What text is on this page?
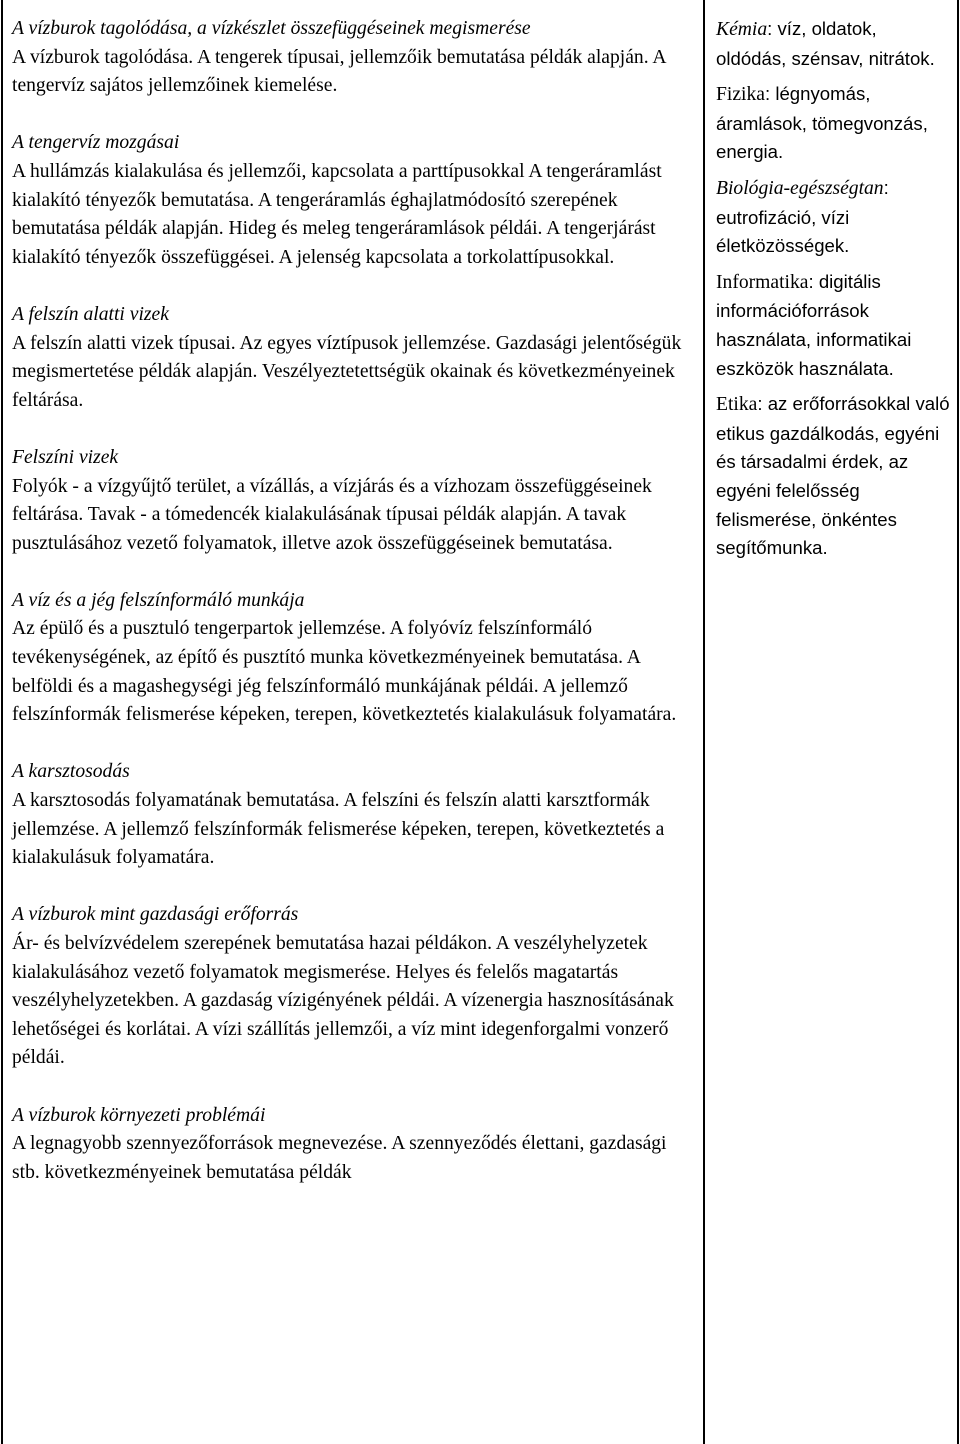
A vízburok tagolódása, a vízkészlet összefüggéseinek megismerése

A vízburok tagolódása. A tengerek típusai, jellemzőik bemutatása példák alapján. A tengervíz sajátos jellemzőinek kiemelése.

A tengervíz mozgásai

A hullámzás kialakulása és jellemzői, kapcsolata a parttípusokkal A tengeráramlást kialakító tényezők bemutatása. A tengeráramlás éghajlatmódosító szerepének bemutatása példák alapján. Hideg és meleg tengeráramlások példái. A tengerjárást kialakító tényezők összefüggései. A jelenség kapcsolata a torkolattípusokkal.

A felszín alatti vizek

A felszín alatti vizek típusai. Az egyes víztípusok jellemzése. Gazdasági jelentőségük megismertetése példák alapján. Veszélyeztetettségük okainak és következményeinek feltárása.

Felszíni vizek

Folyók - a vízgyűjtő terület, a vízállás, a vízjárás és a vízhozam összefüggéseinek feltárása. Tavak - a tómedencék kialakulásának típusai példák alapján. A tavak pusztulásához vezető folyamatok, illetve azok összefüggéseinek bemutatása.

A víz és a jég felszínformáló munkája

Az épülő és a pusztuló tengerpartok jellemzése. A folyóvíz felszínformáló tevékenységének, az építő és pusztító munka következményeinek bemutatása. A belföldi és a magashegységi jég felszínformáló munkájának példái. A jellemző felszínformák felismerése képeken, terepen, következtetés kialakulásuk folyamatára.

A karsztosodás

A karsztosodás folyamatának bemutatása. A felszíni és felszín alatti karsztformák jellemzése. A jellemző felszínformák felismerése képeken, terepen, következtetés a kialakulásuk folyamatára.

A vízburok mint gazdasági erőforrás

Ár- és belvízvédelem szerepének bemutatása hazai példákon. A veszélyhelyzetek kialakulásához vezető folyamatok megismerése. Helyes és felelős magatartás veszélyhelyzetekben. A gazdaság vízigényének példái. A vízenergia hasznosításának lehetőségei és korlátai. A vízi szállítás jellemzői, a víz mint idegenforgalmi vonzerő példái.

A vízburok környezeti problémái

A legnagyobb szennyezőforrások megnevezése. A szennyeződés élettani, gazdasági stb. következményeinek bemutatása példák

Kémia: víz, oldatok, oldódás, szénsav, nitrátok.

Fizika: légnyomás, áramlások, tömegvonzás, energia.

Biológia-egészségtan: eutrofizáció, vízi életközösségek.

Informatika: digitális információforrások használata, informatikai eszközök használata.

Etika: az erőforrásokkal való etikus gazdálkodás, egyéni és társadalmi érdek, az egyéni felelősség felismerése, önkéntes segítőmunka.
